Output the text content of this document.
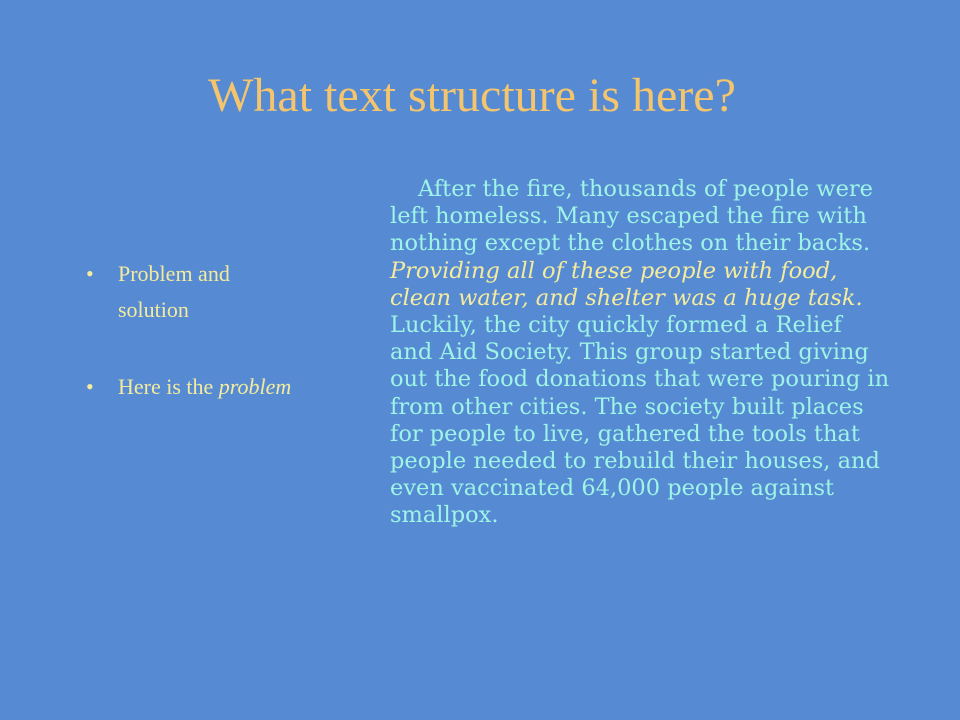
What text structure is here?
• Problem and solution
• Here is the problem

After the fire, thousands of people were left homeless. Many escaped the fire with nothing except the clothes on their backs. Providing all of these people with food, clean water, and shelter was a huge task. Luckily, the city quickly formed a Relief and Aid Society. This group started giving out the food donations that were pouring in from other cities. The society built places for people to live, gathered the tools that people needed to rebuild their houses, and even vaccinated 64,000 people against smallpox.
